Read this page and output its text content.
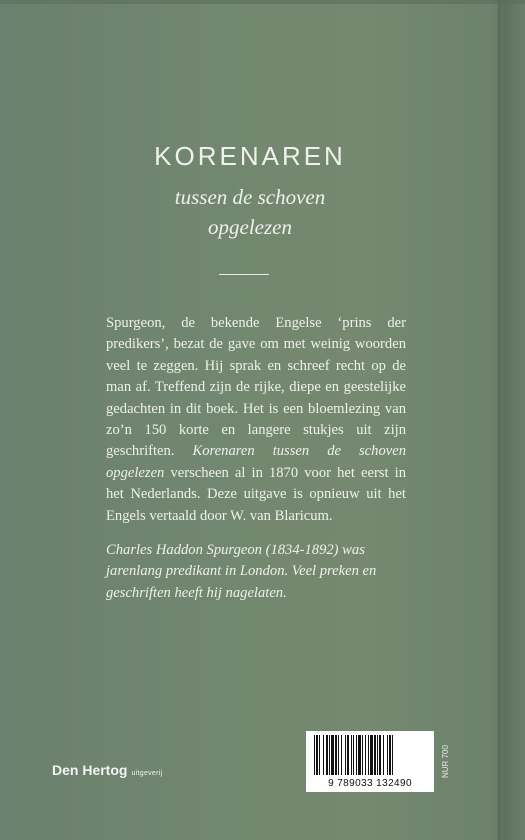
KORENAREN
tussen de schoven
opgelezen
Spurgeon, de bekende Engelse ‘prins der predikers’, bezat de gave om met weinig woorden veel te zeggen. Hij sprak en schreef recht op de man af. Treffend zijn de rijke, diepe en geestelijke gedachten in dit boek. Het is een bloemlezing van zo’n 150 korte en langere stukjes uit zijn geschriften. Korenaren tussen de schoven opgelezen verscheen al in 1870 voor het eerst in het Nederlands. Deze uitgave is opnieuw uit het Engels vertaald door W. van Blaricum.
Charles Haddon Spurgeon (1834-1892) was jarenlang predikant in London. Veel preken en geschriften heeft hij nagelaten.
Den Hertog uitgeverij
9 789033 132490
NUR 700
